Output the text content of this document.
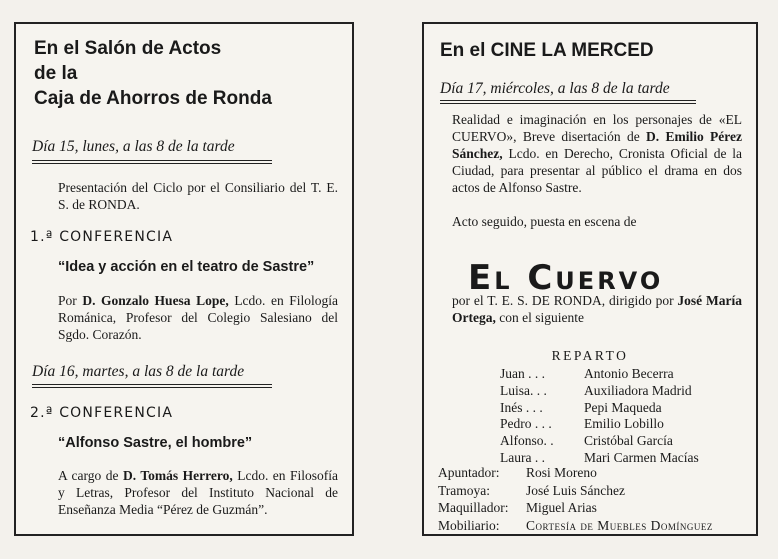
En el Salón de Actos
de la
Caja de Ahorros de Ronda
Día 15, lunes, a las 8 de la tarde

Presentación del Ciclo por el Consiliario del T. E. S. de RONDA.

1.ª CONFERENCIA
“Idea y acción en el teatro de Sastre”

Por D. Gonzalo Huesa Lope, Lcdo. en Filología Románica, Profesor del Colegio Salesiano del Sgdo. Corazón.

Día 16, martes, a las 8 de la tarde
2.ª CONFERENCIA
“Alfonso Sastre, el hombre”

A cargo de D. Tomás Herrero, Lcdo. en Filosofía y Letras, Profesor del Instituto Nacional de Enseñanza Media “Pérez de Guzmán”.

En el CINE LA MERCED
Día 17, miércoles, a las 8 de la tarde

Realidad e imaginación en los personajes de «EL CUERVO», Breve disertación de D. Emilio Pérez Sánchez, Lcdo. en Derecho, Cronista Oficial de la Ciudad, para presentar al público el drama en dos actos de Alfonso Sastre.

Acto seguido, puesta en escena de

El Cuervo

por el T. E. S. DE RONDA, dirigido por José María Ortega, con el siguiente

REPARTO
Juan . . .	Antonio Becerra
Luisa. . .	Auxiliadora Madrid
Inés . . .	Pepi Maqueda
Pedro . . .	Emilio Lobillo
Alfonso. .	Cristóbal García
Laura . .	Mari Carmen Macías
Apuntador:	Rosi Moreno
Tramoya:	José Luis Sánchez
Maquillador:	Miguel Arias
Mobiliario:	Cortesía de Muebles Domínguez
